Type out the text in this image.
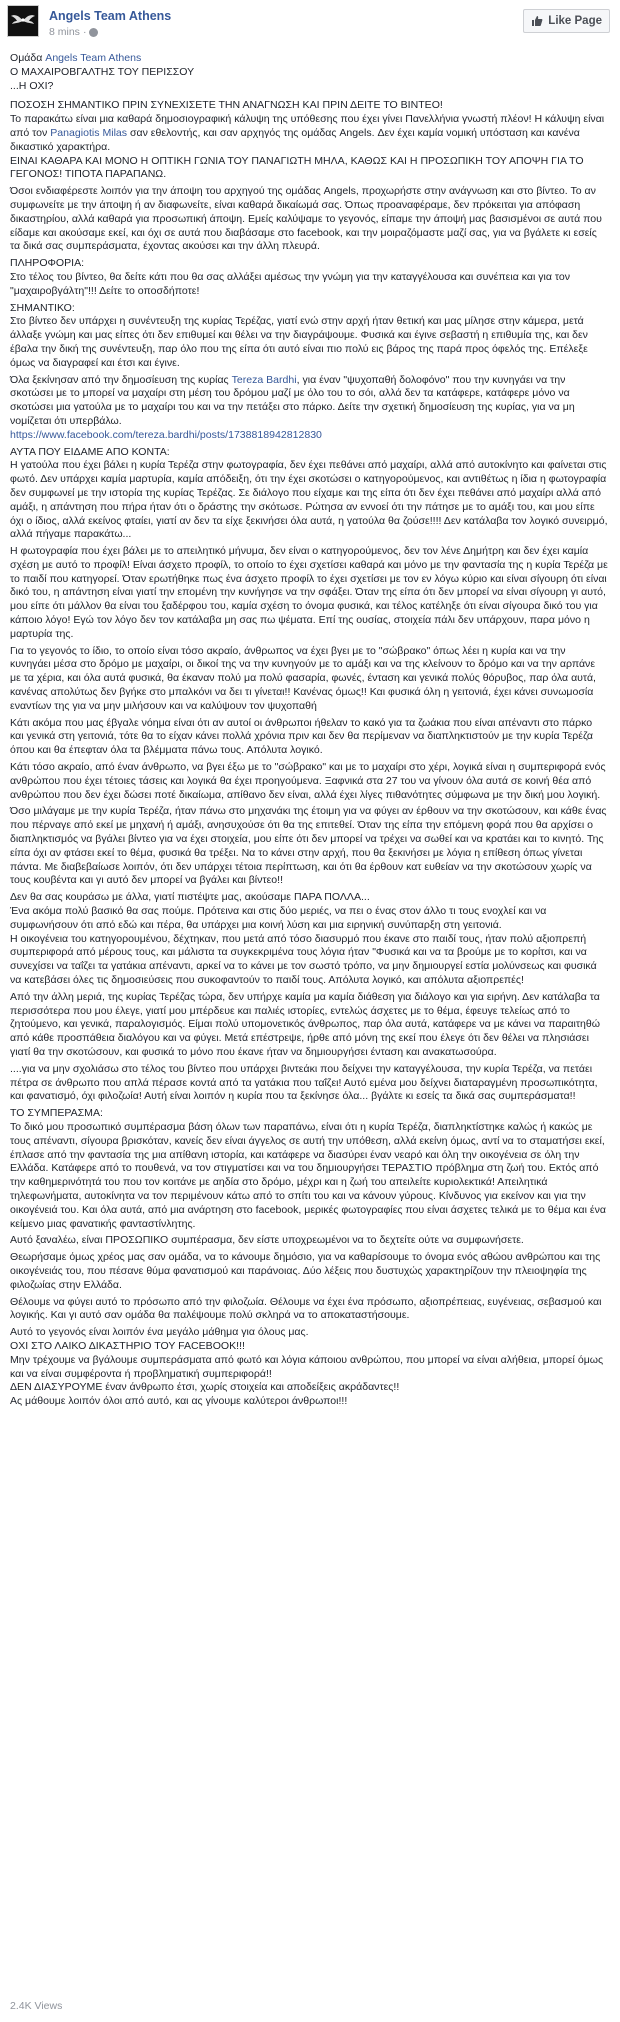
Angels Team Athens
8 mins ·
Like Page

Ομάδα Angels Team Athens
Ο ΜΑΧΑΙΡΟΒΓΑΛΤΗΣ ΤΟΥ ΠΕΡΙΣΣΟΥ
...Η ΟΧΙ?

ΠΟΣΟΣΗ ΣΗΜΑΝΤΙΚΟ ΠΡΙΝ ΣΥΝΕΧΙΣΕΤΕ ΤΗΝ ΑΝΑΓΝΩΣΗ ΚΑΙ ΠΡΙΝ ΔΕΙΤΕ ΤΟ ΒΙΝΤΕΟ!
Το παρακάτω είναι μια καθαρά δημοσιογραφική κάλυψη της υπόθεσης που έχει γίνει Πανελλήνια γνωστή πλέον! Η κάλυψη είναι από τον Panagiotis Milas σαν εθελοντής, και σαν αρχηγός της ομάδας Angels. Δεν έχει καμία νομική υπόσταση και κανένα δικαστικό χαρακτήρα.
ΕΙΝΑΙ ΚΑΘΑΡΑ ΚΑΙ ΜΟΝΟ Η ΟΠΤΙΚΗ ΓΩΝΙΑ ΤΟΥ ΠΑΝΑΓΙΩΤΗ ΜΗΛΑ, ΚΑΘΩΣ ΚΑΙ Η ΠΡΟΣΩΠΙΚΗ ΤΟΥ ΑΠΟΨΗ ΓΙΑ ΤΟ ΓΕΓΟΝΟΣ! ΤΙΠΟΤΑ ΠΑΡΑΠΑΝΩ.

Όσοι ενδιαφέρεστε λοιπόν για την άποψη του αρχηγού της ομάδας Angels, προχωρήστε στην ανάγνωση και στο βίντεο. Το αν συμφωνείτε με την άποψη ή αν διαφωνείτε, είναι καθαρά δικαίωμά σας. Όπως προαναφέραμε, δεν πρόκειται για απόφαση δικαστηρίου, αλλά καθαρά για προσωπική άποψη. Εμείς καλύψαμε το γεγονός, είπαμε την άποψή μας βασισμένοι σε αυτά που είδαμε και ακούσαμε εκεί, και όχι σε αυτά που διαβάσαμε στο facebook, και την μοιραζόμαστε μαζί σας, για να βγάλετε κι εσείς τα δικά σας συμπεράσματα, έχοντας ακούσει και την άλλη πλευρά.

ΠΛΗΡΟΦΟΡΙΑ:
Στο τέλος του βίντεο, θα δείτε κάτι που θα σας αλλάξει αμέσως την γνώμη για την καταγγέλουσα και συνέπεια και για τον "μαχαιροβγάλτη"!!! Δείτε το οποσδήποτε!

ΣΗΜΑΝΤΙΚΟ:
Στο βίντεο δεν υπάρχει η συνέντευξη της κυρίας Τερέζας, γιατί ενώ στην αρχή ήταν θετική και μας μίλησε στην κάμερα, μετά άλλαξε γνώμη και μας είπες ότι δεν επιθυμεί και θέλει να την διαγράψουμε. Φυσικά και έγινε σεβαστή η επιθυμία της, και δεν έβαλα την δική της συνέντευξη, παρ όλο που της είπα ότι αυτό είναι πιο πολύ εις βάρος της παρά προς όφελός της. Επέλεξε όμως να διαγραφεί και έτσι και έγινε.

Όλα ξεκίνησαν από την δημοσίευση της κυρίας Tereza Bardhi, για έναν "ψυχοπαθή δολοφόνο" που την κυνηγάει να την σκοτώσει με το μπορεί να μαχαίρι στη μέση του δρόμου μαζί με όλο του το σόι, αλλά δεν τα κατάφερε, κατάφερε μόνο να σκοτώσει μια γατούλα με το μαχαίρι του και να την πετάξει στο πάρκο. Δείτε την σχετική δημοσίευση της κυρίας, για να μη νομίζεται ότι υπερβάλω.
https://www.facebook.com/tereza.bardhi/posts/1738818942812830

ΑΥΤΑ ΠΟΥ ΕΙΔΑΜΕ ΑΠΟ ΚΟΝΤΑ:
Η γατούλα που έχει βάλει η κυρία Τερέζα στην φωτογραφία, δεν έχει πεθάνει από μαχαίρι, αλλά από αυτοκίνητο και φαίνεται στις φωτό. Δεν υπάρχει καμία μαρτυρία, καμία απόδειξη, ότι την έχει σκοτώσει ο κατηγορούμενος, και αντιθέτως η ίδια η φωτογραφία δεν συμφωνεί με την ιστορία της κυρίας Τερέζας. Σε διάλογο που είχαμε και της είπα ότι δεν έχει πεθάνει από μαχαίρι αλλά από αμάξι, η απάντηση που πήρα ήταν ότι ο δράστης την σκότωσε. Ρώτησα αν εννοεί ότι την πάτησε με το αμάξι του, και μου είπε όχι ο ίδιος, αλλά εκείνος φταίει, γιατί αν δεν τα είχε ξεκινήσει όλα αυτά, η γατούλα θα ζούσε!!!! Δεν κατάλαβα τον λογικό συνειρμό, αλλά πήγαμε παρακάτω...

Η φωτογραφία που έχει βάλει με το απειλητικό μήνυμα, δεν είναι ο κατηγορούμενος, δεν τον λένε Δημήτρη και δεν έχει καμία σχέση με αυτό το προφίλ! Είναι άσχετο προφίλ, το οποίο το έχει σχετίσει καθαρά και μόνο με την φαντασία της η κυρία Τερέζα με το παιδί που κατηγορεί. Όταν ερωτήθηκε πως ένα άσχετο προφίλ το έχει σχετίσει με τον εν λόγω κύριο και είναι σίγουρη ότι είναι δικό του, η απάντηση είναι γιατί την επομένη την κυνήγησε να την σφάξει. Όταν της είπα ότι δεν μπορεί να είναι σίγουρη γι αυτό, μου είπε ότι μάλλον θα είναι του ξαδέρφου του, καμία σχέση το όνομα φυσικά, και τέλος κατέληξε ότι είναι σίγουρα δικό του για κάποιο λόγο! Εγώ τον λόγο δεν τον κατάλαβα μη σας πω ψέματα. Επί της ουσίας, στοιχεία πάλι δεν υπάρχουν, παρα μόνο η μαρτυρία της.

Για το γεγονός το ίδιο, το οποίο είναι τόσο ακραίο, άνθρωπος να έχει βγει με το "σώβρακο" όπως λέει η κυρία και να την κυνηγάει μέσα στο δρόμο με μαχαίρι, οι δικοί της να την κυνηγούν με το αμάξι και να της κλείνουν το δρόμο και να την αρπάνε με τα χέρια, και όλα αυτά φυσικά, θα έκαναν πολύ μα πολύ φασαρία, φωνές, ένταση και γενικά πολύς θόρυβος, παρ όλα αυτά, κανένας απολύτως δεν βγήκε στο μπαλκόνι να δει τι γίνεται!! Κανένας όμως!! Και φυσικά όλη η γειτονιά, έχει κάνει συνωμοσία εναντίων της για να μην μιλήσουν και να καλύψουν τον ψυχοπαθή

Κάτι ακόμα που μας έβγαλε νόημα είναι ότι αν αυτοί οι άνθρωποι ήθελαν το κακό για τα ζωάκια που είναι απέναντι στο πάρκο και γενικά στη γειτονιά, τότε θα το είχαν κάνει πολλά χρόνια πριν και δεν θα περίμεναν να διαπληκτιστούν με την κυρία Τερέζα όπου και θα έπεφταν όλα τα βλέμματα πάνω τους. Απόλυτα λογικό.

Κάτι τόσο ακραίο, από έναν άνθρωπο, να βγει έξω με το "σώβρακο" και με το μαχαίρι στο χέρι, λογικά είναι η συμπεριφορά ενός ανθρώπου που έχει τέτοιες τάσεις και λογικά θα έχει προηγούμενα. Ξαφνικά στα 27 του να γίνουν όλα αυτά σε κοινή θέα από ανθρώπου που δεν έχει δώσει ποτέ δικαίωμα, απίθανο δεν είναι, αλλά έχει λίγες πιθανότητες σύμφωνα με την δική μου λογική.

Όσο μιλάγαμε με την κυρία Τερέζα, ήταν πάνω στο μηχανάκι της έτοιμη για να φύγει αν έρθουν να την σκοτώσουν, και κάθε ένας που πέρναγε από εκεί με μηχανή ή αμάξι, ανησυχούσε ότι θα της επιτεθεί. Όταν της είπα την επόμενη φορά που θα αρχίσει ο διαπληκτισμός να βγάλει βίντεο για να έχει στοιχεία, μου είπε ότι δεν μπορεί να τρέχει να σωθεί και να κρατάει και το κινητό. Της είπα όχι αν φτάσει εκεί το θέμα, φυσικά θα τρέξει. Να το κάνει στην αρχή, που θα ξεκινήσει με λόγια η επίθεση όπως γίνεται πάντα. Με διαβεβαίωσε λοιπόν, ότι δεν υπάρχει τέτοια περίπτωση, και ότι θα έρθουν κατ ευθείαν να την σκοτώσουν χωρίς να τους κουβέντα και γι αυτό δεν μπορεί να βγάλει και βίντεο!!

Δεν θα σας κουράσω με άλλα, γιατί πιστέψτε μας, ακούσαμε ΠΑΡΑ ΠΟΛΛΑ...
Ένα ακόμα πολύ βασικό θα σας πούμε. Πρότεινα και στις δύο μεριές, να πει ο ένας στον άλλο τι τους ενοχλεί και να συμφωνήσουν ότι από εδώ και πέρα, θα υπάρχει μια κοινή λύση και μια ειρηνική συνύπαρξη στη γειτονιά.
Η οικογένεια του κατηγορουμένου, δέχτηκαν, που μετά από τόσο διασυρμό που έκανε στο παιδί τους, ήταν πολύ αξιοπρεπή συμπεριφορά από μέρους τους, και μάλιστα τα συγκεκριμένα τους λόγια ήταν "Φυσικά και να τα βρούμε με το κορίτσι, και να συνεχίσει να ταΐζει τα γατάκια απέναντι, αρκεί να το κάνει με τον σωστό τρόπο, να μην δημιουργεί εστία μολύνσεως και φυσικά να κατεβάσει όλες τις δημοσιεύσεις που συκοφαντούν το παιδί τους. Απόλυτα λογικό, και απόλυτα αξιοπρεπές!

Από την άλλη μεριά, της κυρίας Τερέζας τώρα, δεν υπήρχε καμία μα καμία διάθεση για διάλογο και για ειρήνη. Δεν κατάλαβα τα περισσότερα που μου έλεγε, γιατί μου μπέρδευε και παλιές ιστορίες, εντελώς άσχετες με το θέμα, έφευγε τελείως από το ζητούμενο, και γενικά, παραλογισμός. Είμαι πολύ υπομονετικός άνθρωπος, παρ όλα αυτά, κατάφερε να με κάνει να παραιτηθώ από κάθε προσπάθεια διαλόγου και να φύγει. Μετά επέστρεψε, ήρθε από μόνη της εκεί που έλεγε ότι δεν θέλει να πλησιάσει γιατί θα την σκοτώσουν, και φυσικά το μόνο που έκανε ήταν να δημιουργήσει ένταση και ανακατωσούρα.

....για να μην σχολιάσω στο τέλος του βίντεο που υπάρχει βιντεάκι που δείχνει την καταγγέλουσα, την κυρία Τερέζα, να πετάει πέτρα σε άνθρωπο που απλά πέρασε κοντά από τα γατάκια που ταΐζει! Αυτό εμένα μου δείχνει διαταραγμένη προσωπικότητα, και φανατισμό, όχι φιλοζωία! Αυτή είναι λοιπόν η κυρία που τα ξεκίνησε όλα... βγάλτε κι εσείς τα δικά σας συμπεράσματα!!

ΤΟ ΣΥΜΠΕΡΑΣΜΑ:
Το δικό μου προσωπικό συμπέρασμα βάση όλων των παραπάνω, είναι ότι η κυρία Τερέζα, διαπληκτίστηκε καλώς ή κακώς με τους απέναντι, σίγουρα βρισκόταν, κανείς δεν είναι άγγελος σε αυτή την υπόθεση, αλλά εκείνη όμως, αντί να το σταματήσει εκεί, έπλασε από την φαντασία της μια απίθανη ιστορία, και κατάφερε να διασύρει έναν νεαρό και όλη την οικογένεια σε όλη την Ελλάδα. Κατάφερε από το πουθενά, να τον στιγματίσει και να του δημιουργήσει ΤΕΡΑΣΤΙΟ πρόβλημα στη ζωή του. Εκτός από την καθημερινότητά του που τον κοιτάνε με αηδία στο δρόμο, μέχρι και η ζωή του απειλείτε κυριολεκτικά! Απειλητικά τηλεφωνήματα, αυτοκίνητα να τον περιμένουν κάτω από το σπίτι του και να κάνουν γύρους. Κίνδυνος για εκείνον και για την οικογένειά του. Και όλα αυτά, από μια ανάρτηση στο facebook, μερικές φωτογραφίες που είναι άσχετες τελικά με το θέμα και ένα κείμενο μιας φανατικής φανταστίνλητης.

Αυτό ξαναλέω, είναι ΠΡΟΣΩΠΙΚΟ συμπέρασμα, δεν είστε υποχρεωμένοι να το δεχτείτε ούτε να συμφωνήσετε.

Θεωρήσαμε όμως χρέος μας σαν ομάδα, να το κάνουμε δημόσιο, για να καθαρίσουμε το όνομα ενός αθώου ανθρώπου και της οικογένειάς του, που πέσανε θύμα φανατισμού και παράνοιας. Δύο λέξεις που δυστυχώς χαρακτηρίζουν την πλειοψηφία της φιλοζωίας στην Ελλάδα.

Θέλουμε να φύγει αυτό το πρόσωπο από την φιλοζωία. Θέλουμε να έχει ένα πρόσωπο, αξιοπρέπειας, ευγένειας, σεβασμού και λογικής. Και γι αυτό σαν ομάδα θα παλέψουμε πολύ σκληρά να το αποκαταστήσουμε.

Αυτό το γεγονός είναι λοιπόν ένα μεγάλο μάθημα για όλους μας.
ΟΧΙ ΣΤΟ ΛΑΙΚΟ ΔΙΚΑΣΤΗΡΙΟ ΤΟΥ FACEBOOK!!!
Μην τρέχουμε να βγάλουμε συμπεράσματα από φωτό και λόγια κάποιου ανθρώπου, που μπορεί να είναι αλήθεια, μπορεί όμως και να είναι συμφέροντα ή προβληματική συμπεριφορά!!
ΔΕΝ ΔΙΑΣΥΡΟΥΜΕ έναν άνθρωπο έτσι, χωρίς στοιχεία και αποδείξεις ακράδαντες!!
Ας μάθουμε λοιπόν όλοι από αυτό, και ας γίνουμε καλύτεροι άνθρωποι!!!

2.4K Views
